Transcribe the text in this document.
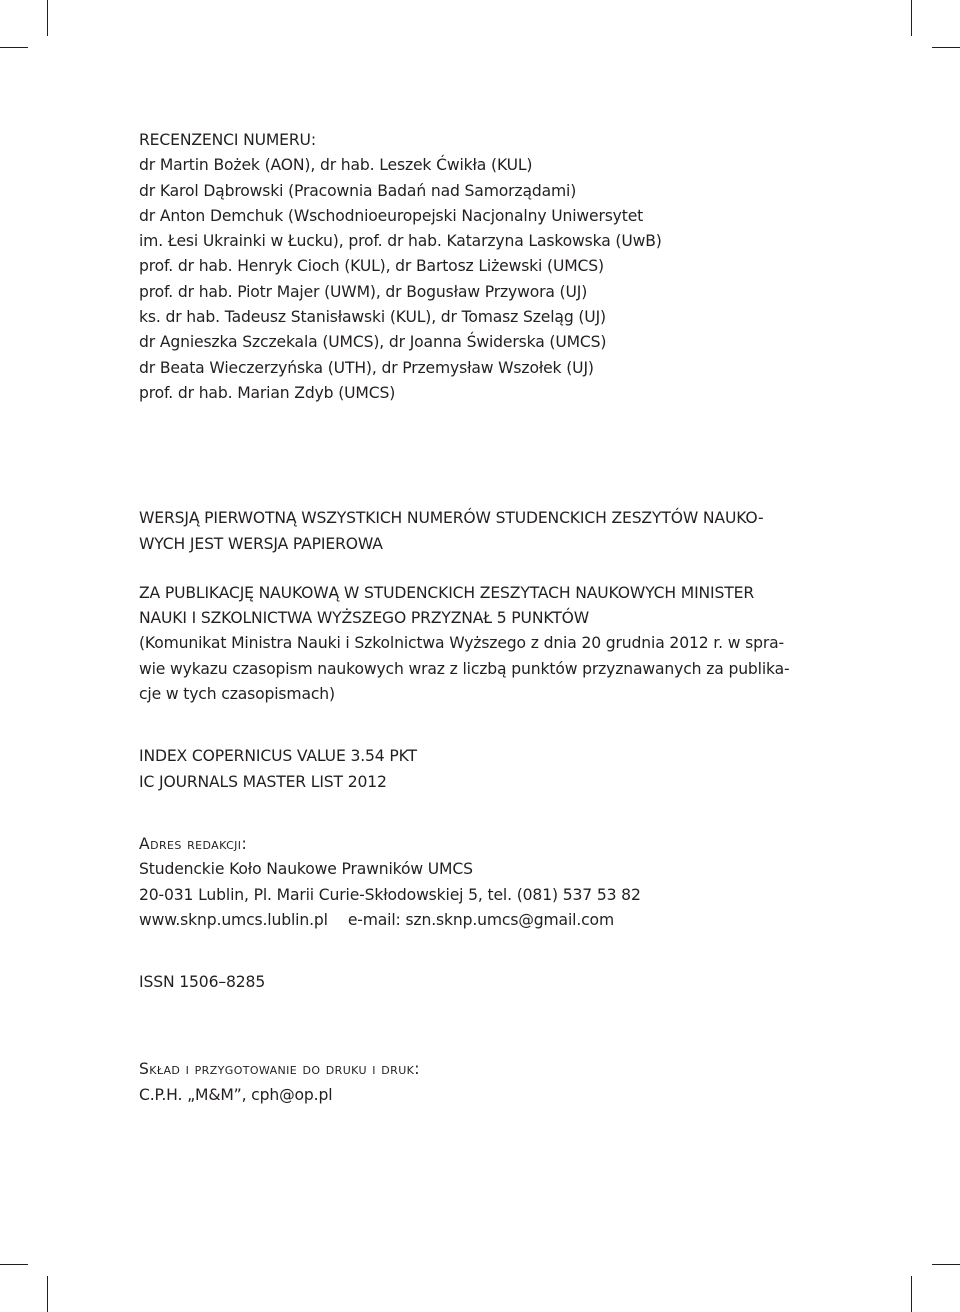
RECENZENCI NUMERU:
dr Martin Bożek (AON), dr hab. Leszek Ćwikła (KUL)
dr Karol Dąbrowski (Pracownia Badań nad Samorządami)
dr Anton Demchuk (Wschodnioeuropejski Nacjonalny Uniwersytet
im. Łesi Ukrainki w Łucku), prof. dr hab. Katarzyna Laskowska (UwB)
prof. dr hab. Henryk Cioch (KUL), dr Bartosz Liżewski (UMCS)
prof. dr hab. Piotr Majer (UWM), dr Bogusław Przywora (UJ)
ks. dr hab. Tadeusz Stanisławski (KUL), dr Tomasz Szeląg (UJ)
dr Agnieszka Szczekala (UMCS), dr Joanna Świderska (UMCS)
dr Beata Wieczerzyńska (UTH), dr Przemysław Wszołek (UJ)
prof. dr hab. Marian Zdyb (UMCS)
WERSJĄ PIERWOTNĄ WSZYSTKICH NUMERÓW STUDENCKICH ZESZYTÓW NAUKO-
WYCH JEST WERSJA PAPIEROWA
ZA PUBLIKACJĘ NAUKOWĄ W STUDENCKICH ZESZYTACH NAUKOWYCH MINISTER
NAUKI I SZKOLNICTWA WYŻSZEGO PRZYZNAŁ 5 PUNKTÓW
(Komunikat Ministra Nauki i Szkolnictwa Wyższego z dnia 20 grudnia 2012 r. w spra-
wie wykazu czasopism naukowych wraz z liczbą punktów przyznawanych za publika-
cje w tych czasopismach)
INDEX COPERNICUS VALUE 3.54 PKT
IC JOURNALS MASTER LIST 2012
Adres redakcji:
Studenckie Koło Naukowe Prawników UMCS
20-031 Lublin, Pl. Marii Curie-Skłodowskiej 5, tel. (081) 537 53 82
www.sknp.umcs.lublin.pl e-mail: szn.sknp.umcs@gmail.com
ISSN 1506–8285
Skład i przygotowanie do druku i druk:
C.P.H. „M&M”, cph@op.pl
